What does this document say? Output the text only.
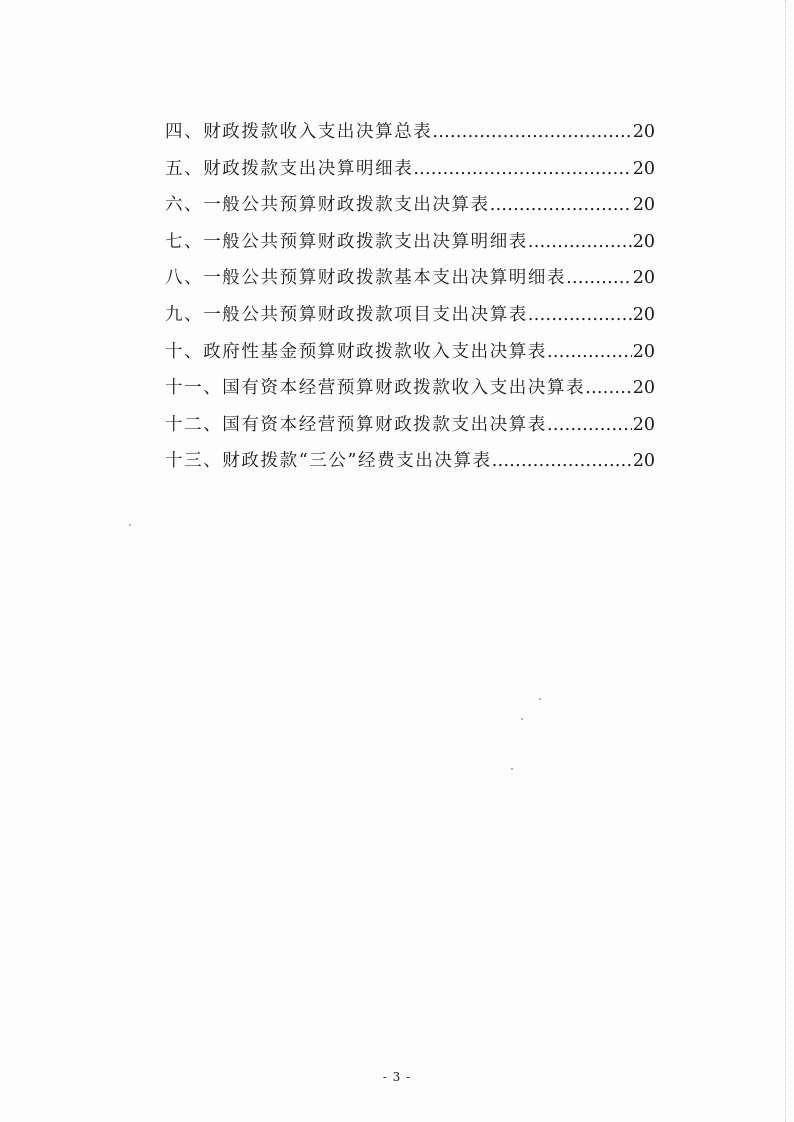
四、财政拨款收入支出决算总表 .....	20
五、财政拨款支出决算明细表 .....	20
六、一般公共预算财政拨款支出决算表 .....	20
七、一般公共预算财政拨款支出决算明细表 .....	20
八、一般公共预算财政拨款基本支出决算明细表 .....	20
九、一般公共预算财政拨款项目支出决算表 .....	20
十、政府性基金预算财政拨款收入支出决算表 .....	20
十一、国有资本经营预算财政拨款收入支出决算表 .....	20
十二、国有资本经营预算财政拨款支出决算表 .....	20
十三、财政拨款“三公”经费支出决算表 .....	20
- 3 -
